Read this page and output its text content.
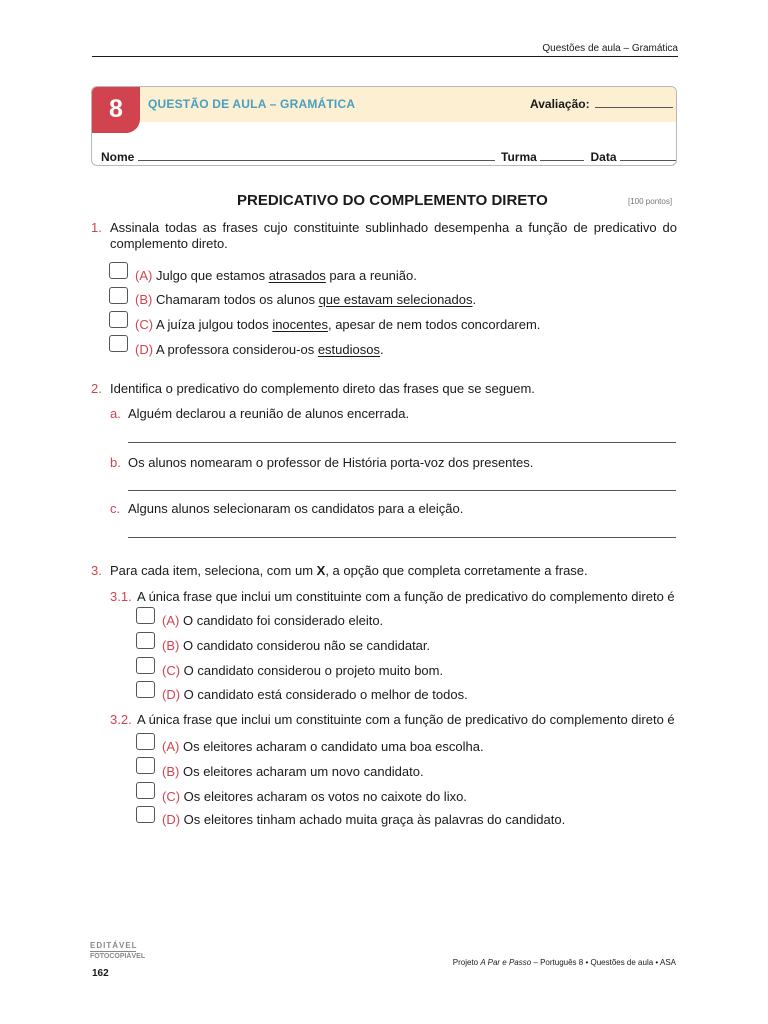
Questões de aula – Gramática
8	QUESTÃO DE AULA – GRAMÁTICA	Avaliação:
Nome	Turma	Data
PREDICATIVO DO COMPLEMENTO DIRETO	[100 pontos]
1. Assinala todas as frases cujo constituinte sublinhado desempenha a função de predicativo do complemento direto.
(A) Julgo que estamos atrasados para a reunião.
(B) Chamaram todos os alunos que estavam selecionados.
(C) A juíza julgou todos inocentes, apesar de nem todos concordarem.
(D) A professora considerou-os estudiosos.
2. Identifica o predicativo do complemento direto das frases que se seguem.
a. Alguém declarou a reunião de alunos encerrada.
b. Os alunos nomearam o professor de História porta-voz dos presentes.
c. Alguns alunos selecionaram os candidatos para a eleição.
3. Para cada item, seleciona, com um X, a opção que completa corretamente a frase.
3.1. A única frase que inclui um constituinte com a função de predicativo do complemento direto é
(A) O candidato foi considerado eleito.
(B) O candidato considerou não se candidatar.
(C) O candidato considerou o projeto muito bom.
(D) O candidato está considerado o melhor de todos.
3.2. A única frase que inclui um constituinte com a função de predicativo do complemento direto é
(A) Os eleitores acharam o candidato uma boa escolha.
(B) Os eleitores acharam um novo candidato.
(C) Os eleitores acharam os votos no caixote do lixo.
(D) Os eleitores tinham achado muita graça às palavras do candidato.
EDITÁVEL
FOTOCOPIÁVEL
162
Projeto A Par e Passo – Português 8 • Questões de aula • ASA
